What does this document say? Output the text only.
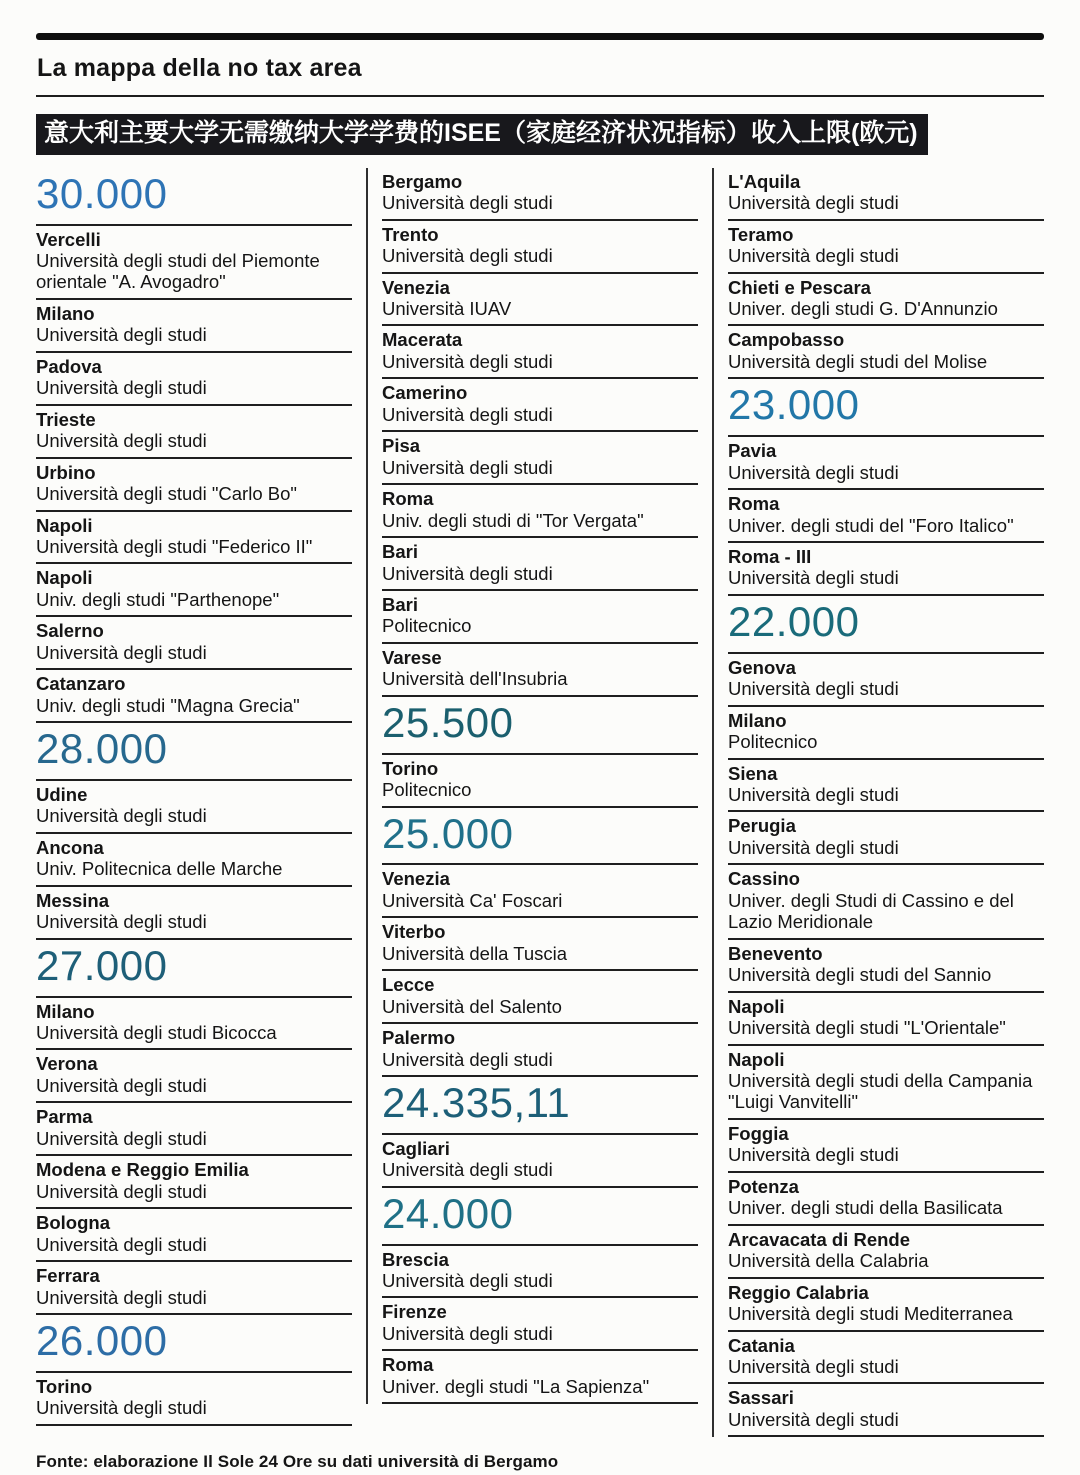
La mappa della no tax area
意大利主要大学无需缴纳大学学费的ISEE（家庭经济状况指标）收入上限(欧元)
30.000
Vercelli
Università degli studi del Piemonte orientale "A. Avogadro"
Milano
Università degli studi
Padova
Università degli studi
Trieste
Università degli studi
Urbino
Università degli studi "Carlo Bo"
Napoli
Università degli studi "Federico II"
Napoli
Univ. degli studi "Parthenope"
Salerno
Università degli studi
Catanzaro
Univ. degli studi "Magna Grecia"
28.000
Udine
Università degli studi
Ancona
Univ. Politecnica delle Marche
Messina
Università degli studi
27.000
Milano
Università degli studi Bicocca
Verona
Università degli studi
Parma
Università degli studi
Modena e Reggio Emilia
Università degli studi
Bologna
Università degli studi
Ferrara
Università degli studi
26.000
Torino
Università degli studi
Bergamo
Università degli studi
Trento
Università degli studi
Venezia
Università IUAV
Macerata
Università degli studi
Camerino
Università degli studi
Pisa
Università degli studi
Roma
Univ. degli studi di "Tor Vergata"
Bari
Università degli studi
Bari
Politecnico
Varese
Università dell'Insubria
25.500
Torino
Politecnico
25.000
Venezia
Università Ca' Foscari
Viterbo
Università della Tuscia
Lecce
Università del Salento
Palermo
Università degli studi
24.335,11
Cagliari
Università degli studi
24.000
Brescia
Università degli studi
Firenze
Università degli studi
Roma
Univer. degli studi "La Sapienza"
L'Aquila
Università degli studi
Teramo
Università degli studi
Chieti e Pescara
Univer. degli studi G. D'Annunzio
Campobasso
Università degli studi del Molise
23.000
Pavia
Università degli studi
Roma
Univer. degli studi del "Foro Italico"
Roma - III
Università degli studi
22.000
Genova
Università degli studi
Milano
Politecnico
Siena
Università degli studi
Perugia
Università degli studi
Cassino
Univer. degli Studi di Cassino e del Lazio Meridionale
Benevento
Università degli studi del Sannio
Napoli
Università degli studi "L'Orientale"
Napoli
Università degli studi della Campania "Luigi Vanvitelli"
Foggia
Università degli studi
Potenza
Univer. degli studi della Basilicata
Arcavacata di Rende
Università della Calabria
Reggio Calabria
Università degli studi Mediterranea
Catania
Università degli studi
Sassari
Università degli studi
Fonte: elaborazione Il Sole 24 Ore su dati università di Bergamo
